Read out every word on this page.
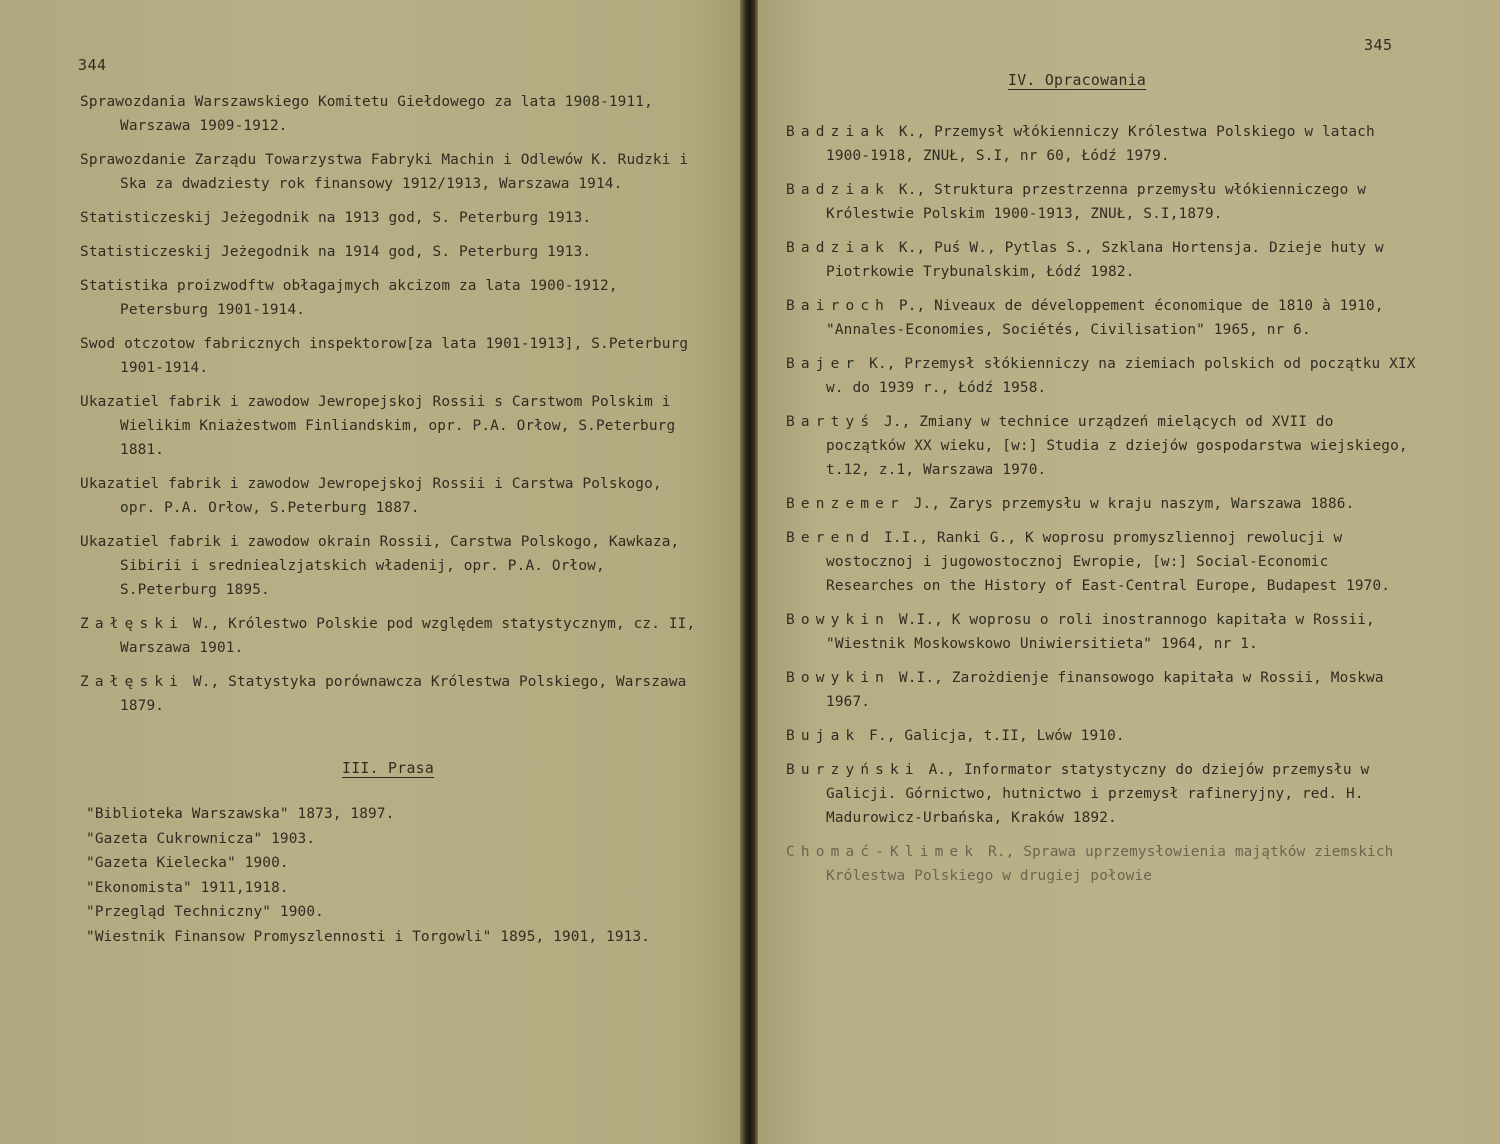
344
Sprawozdania Warszawskiego Komitetu Giełdowego za lata 1908-1911, Warszawa 1909-1912.
Sprawozdanie Zarządu Towarzystwa Fabryki Machin i Odlewów K. Rudzki i Ska za dwadziesty rok finansowy 1912/1913, Warszawa 1914.
Statisticzeskij Jeżegodnik na 1913 god, S. Peterburg 1913.
Statisticzeskij Jeżegodnik na 1914 god, S. Peterburg 1913.
Statistika proizwodftw obłagajmych akcizom za lata 1900-1912, Petersburg 1901-1914.
Swod otczotow fabricznych inspektorow[za lata 1901-1913], S.Peterburg 1901-1914.
Ukazatiel fabrik i zawodow Jewropejskoj Rossii s Carstwom Polskim i Wielikim Kniażestwom Finliandskim, opr. P.A. Orłow, S.Peterburg 1881.
Ukazatiel fabrik i zawodow Jewropejskoj Rossii i Carstwa Polskogo, opr. P.A. Orłow, S.Peterburg 1887.
Ukazatiel fabrik i zawodow okrain Rossii, Carstwa Polskogo, Kawkaza, Sibirii i sredniealzjatskich władenij, opr. P.A. Orłow, S.Peterburg 1895.
Załęski W., Królestwo Polskie pod względem statystycznym, cz. II, Warszawa 1901.
Załęski W., Statystyka porównawcza Królestwa Polskiego, Warszawa 1879.
III. Prasa
"Biblioteka Warszawska" 1873, 1897.
"Gazeta Cukrownicza" 1903.
"Gazeta Kielecka" 1900.
"Ekonomista" 1911,1918.
"Przegląd Techniczny" 1900.
"Wiestnik Finansow Promyszlennosti i Torgowli" 1895, 1901, 1913.
345
IV. Opracowania
Badziak K., Przemysł włókienniczy Królestwa Polskiego w latach 1900-1918, ZNUŁ, S.I, nr 60, Łódź 1979.
Badziak K., Struktura przestrzenna przemysłu włókienniczego w Królestwie Polskim 1900-1913, ZNUŁ, S.I,1879.
Badziak K., Puś W., Pytlas S., Szklana Hortensja. Dzieje huty w Piotrkowie Trybunalskim, Łódź 1982.
Bairoch P., Niveaux de développement économique de 1810 à 1910, "Annales-Economies, Sociétés, Civilisation" 1965, nr 6.
Bajer K., Przemysł słókienniczy na ziemiach polskich od początku XIX w. do 1939 r., Łódź 1958.
Bartyś J., Zmiany w technice urządzeń mielących od XVII do początków XX wieku, [w:] Studia z dziejów gospodarstwa wiejskiego, t.12, z.1, Warszawa 1970.
Benzemer J., Zarys przemysłu w kraju naszym, Warszawa 1886.
Berend I.I., Ranki G., K woprosu promyszliennoj rewolucji w wostocznoj i jugowostocznoj Ewropie, [w:] Social-Economic Researches on the History of East-Central Europe, Budapest 1970.
Bowykin W.I., K woprosu o roli inostrannogo kapitała w Rossii, "Wiestnik Moskowskowo Uniwiersitieta" 1964, nr 1.
Bowykin W.I., Zarożdienje finansowogo kapitała w Rossii, Moskwa 1967.
Bujak F., Galicja, t.II, Lwów 1910.
Burzyński A., Informator statystyczny do dziejów przemysłu w Galicji. Górnictwo, hutnictwo i przemysł rafineryjny, red. H. Madurowicz-Urbańska, Kraków 1892.
Chomać-Klimek R., Sprawa uprzemysłowienia majątków ziemskich Królestwa Polskiego w drugiej połowie
